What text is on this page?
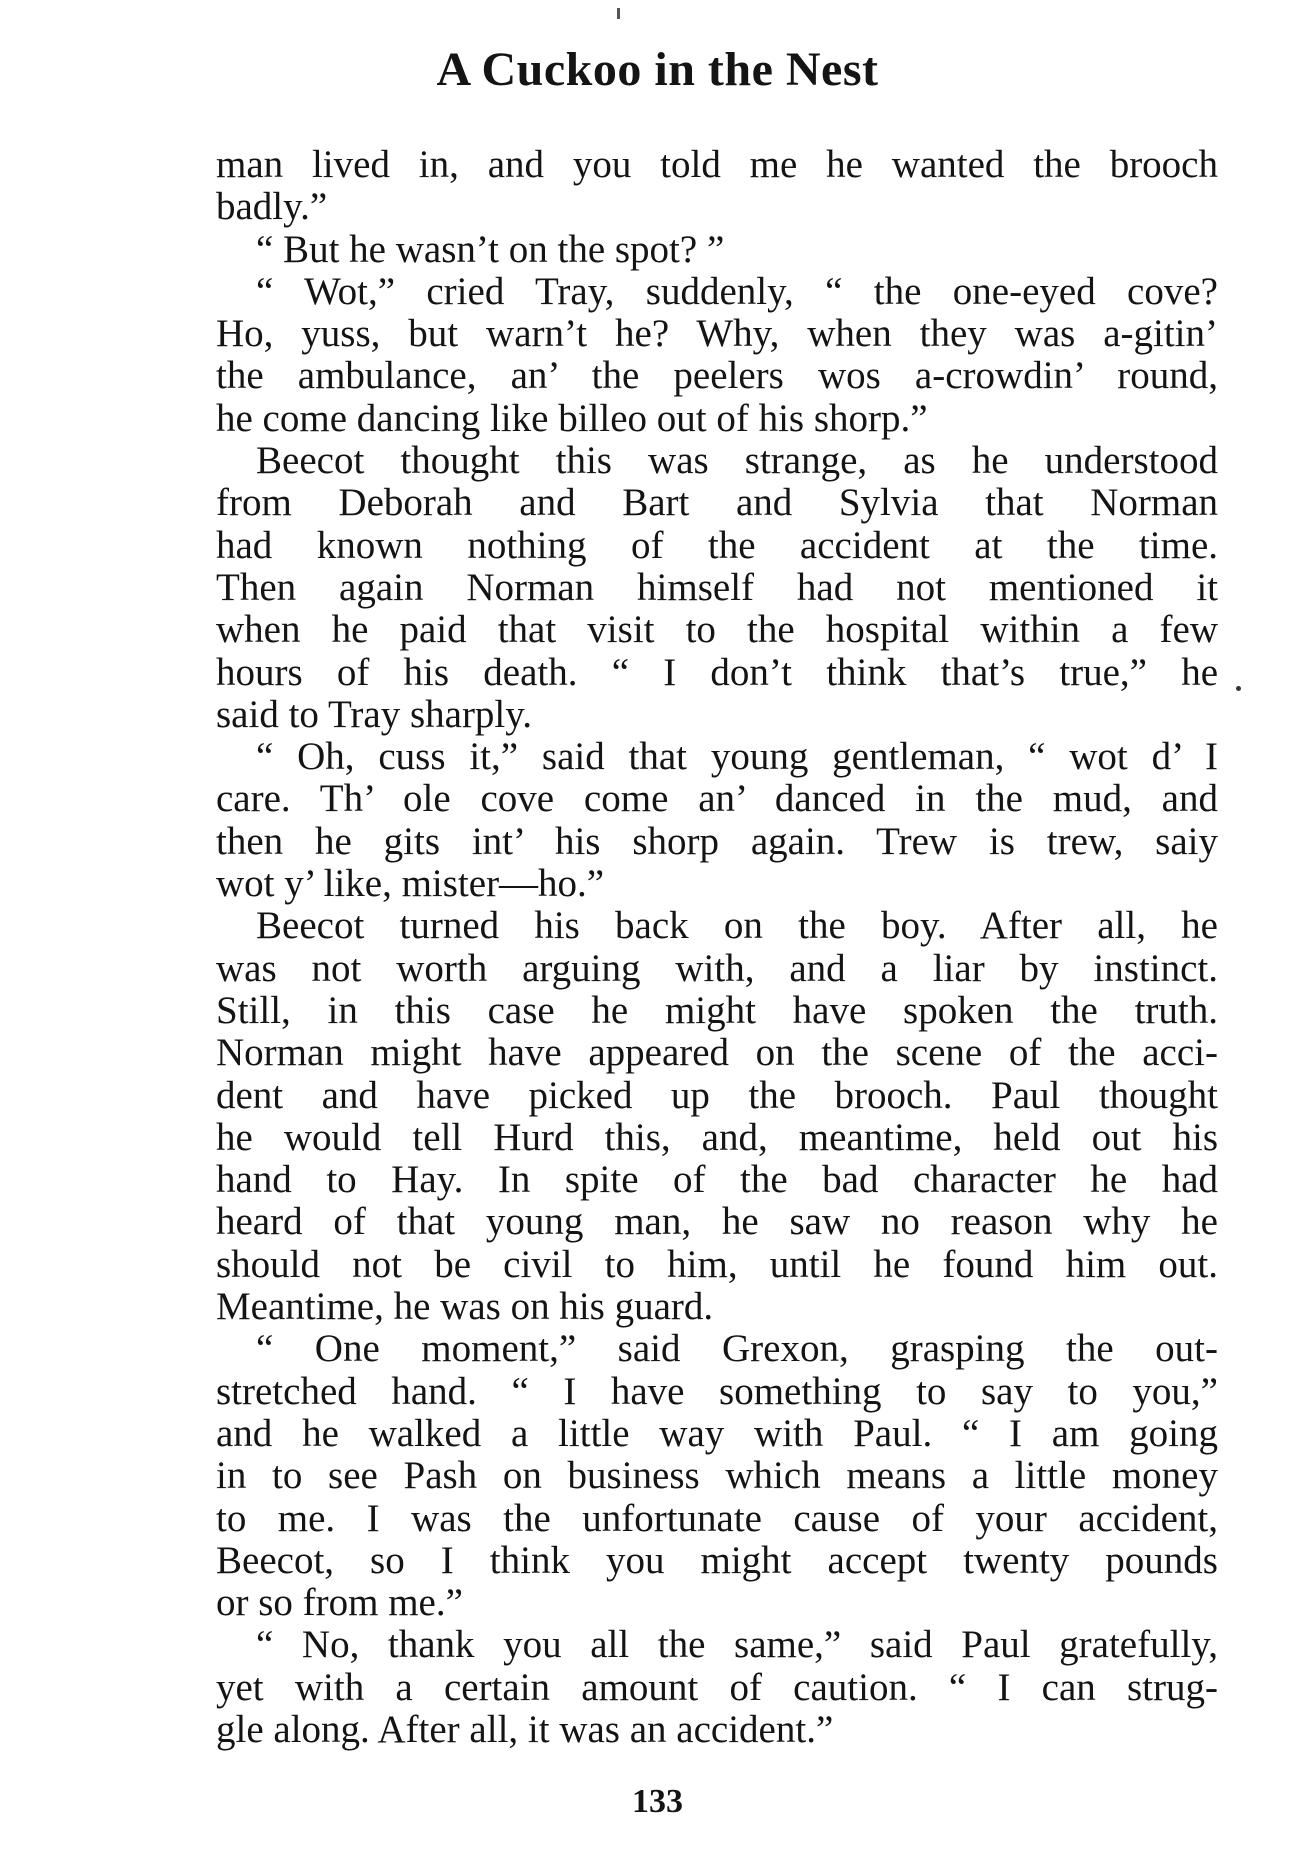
A Cuckoo in the Nest
man lived in, and you told me he wanted the brooch
badly.”
“ But he wasn’t on the spot? ”
“ Wot,” cried Tray, suddenly, “ the one-eyed cove?
Ho, yuss, but warn’t he? Why, when they was a-gitin’
the ambulance, an’ the peelers wos a-crowdin’ round,
he come dancing like billeo out of his shorp.”
Beecot thought this was strange, as he understood
from Deborah and Bart and Sylvia that Norman
had known nothing of the accident at the time.
Then again Norman himself had not mentioned it
when he paid that visit to the hospital within a few
hours of his death. “ I don’t think that’s true,” he
said to Tray sharply.
“ Oh, cuss it,” said that young gentleman, “ wot d’ I
care. Th’ ole cove come an’ danced in the mud, and
then he gits int’ his shorp again. Trew is trew, saiy
wot y’ like, mister—ho.”
Beecot turned his back on the boy. After all, he
was not worth arguing with, and a liar by instinct.
Still, in this case he might have spoken the truth.
Norman might have appeared on the scene of the acci-
dent and have picked up the brooch. Paul thought
he would tell Hurd this, and, meantime, held out his
hand to Hay. In spite of the bad character he had
heard of that young man, he saw no reason why he
should not be civil to him, until he found him out.
Meantime, he was on his guard.
“ One moment,” said Grexon, grasping the out-
stretched hand. “ I have something to say to you,”
and he walked a little way with Paul. “ I am going
in to see Pash on business which means a little money
to me. I was the unfortunate cause of your accident,
Beecot, so I think you might accept twenty pounds
or so from me.”
“ No, thank you all the same,” said Paul gratefully,
yet with a certain amount of caution. “ I can strug-
gle along. After all, it was an accident.”
133
